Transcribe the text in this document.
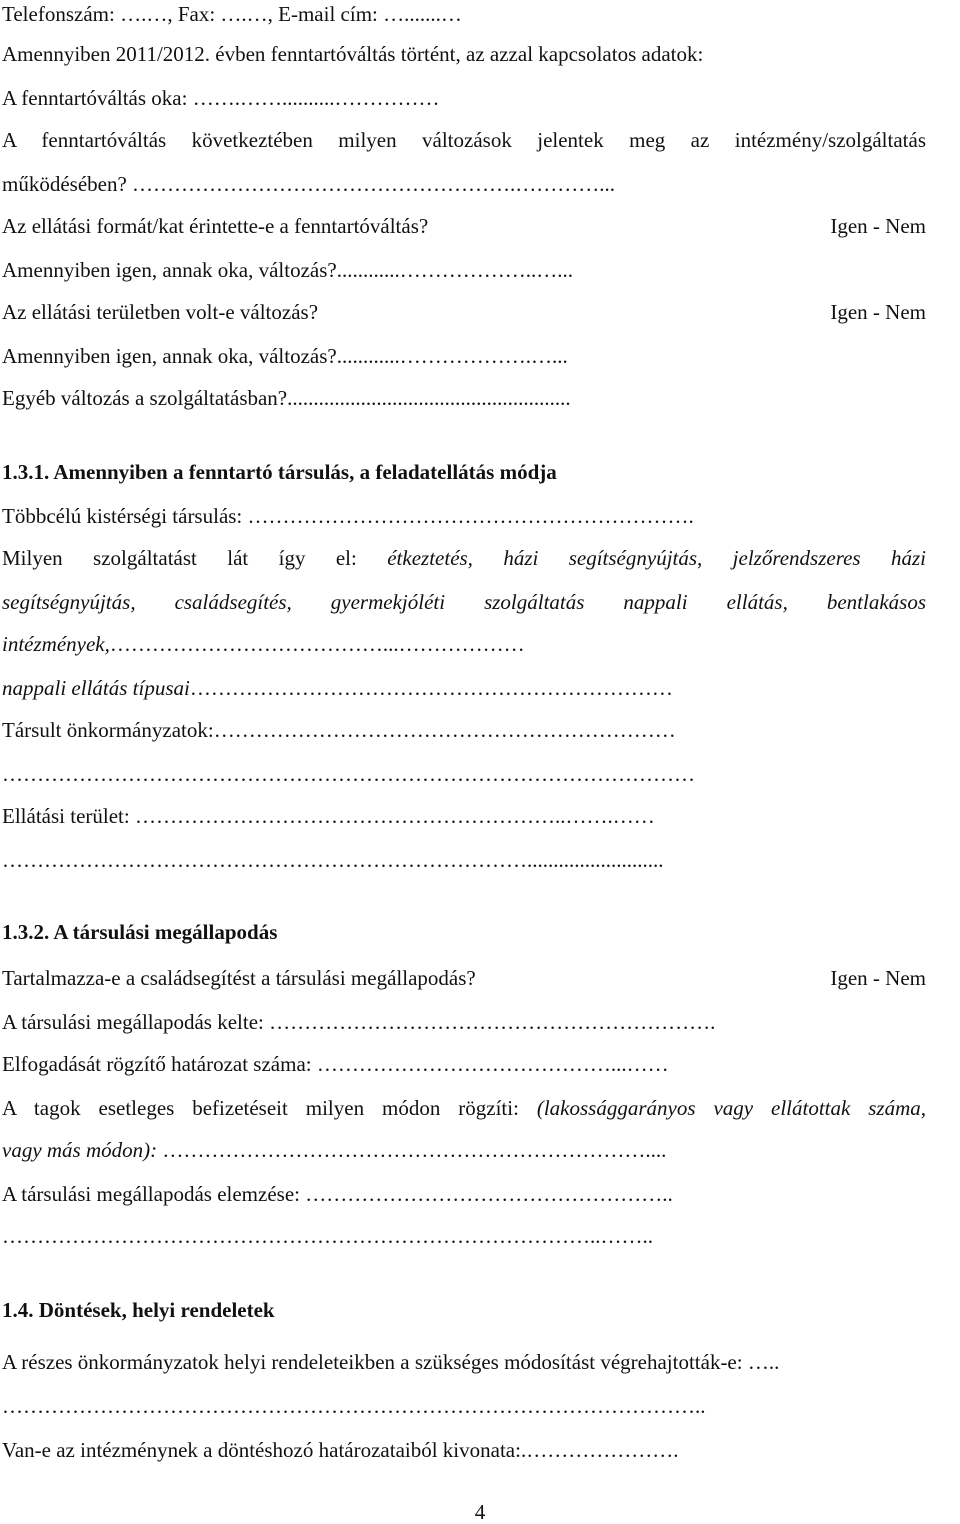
Telefonszám: ….…, Fax: ….…, E-mail cím: ….......…
Amennyiben 2011/2012. évben fenntartóváltás történt, az azzal kapcsolatos adatok:
A fenntartóváltás oka: …….……..........……………
A fenntartóváltás következtében milyen változások jelentek meg az intézmény/szolgáltatás
működésében? ……………………………………………….…………...
Az ellátási formát/kat érintette-e a fenntartóváltás?	Igen - Nem
Amennyiben igen, annak oka, változás?............………………..…...
Az ellátási területben volt-e változás?	Igen - Nem
Amennyiben igen, annak oka, változás?............……………….…...
Egyéb változás a szolgáltatásban?......................................................
1.3.1. Amennyiben a fenntartó társulás, a feladatellátás módja
Többcélú kistérségi társulás: ……………………………………………………….
Milyen szolgáltatást lát így el: étkeztetés, házi segítségnyújtás, jelzőrendszeres házi
segítségnyújtás, családsegítés, gyermekjóléti szolgáltatás nappali ellátás, bentlakásos
intézmények,…………………………………...………………
nappali ellátás típusai……………………………………………………………
Társult önkormányzatok:…………………………………………………………
………………………………………………………………………………………
Ellátási terület: ……………………………………………………..…….……
…………………………………………………………………..........................
1.3.2. A társulási megállapodás
Tartalmazza-e a családsegítést a társulási megállapodás?	Igen - Nem
A társulási megállapodás kelte: ……………………………………………………….
Elfogadását rögzítő határozat száma: ……………………………………...……
A tagok esetleges befizetéseit milyen módon rögzíti: (lakossággarányos vagy ellátottak száma,
vagy más módon): ……………………………………………………………....
A társulási megállapodás elemzése: ……………………………………………..
…………………………………………………………………………..……..
1.4. Döntések, helyi rendeletek
A részes önkormányzatok helyi rendeleteikben a szükséges módosítást végrehajtották-e: …..
………………………………………………………………………………………..
Van-e az intézménynek a döntéshozó határozataiból kivonata:.………………….
4
